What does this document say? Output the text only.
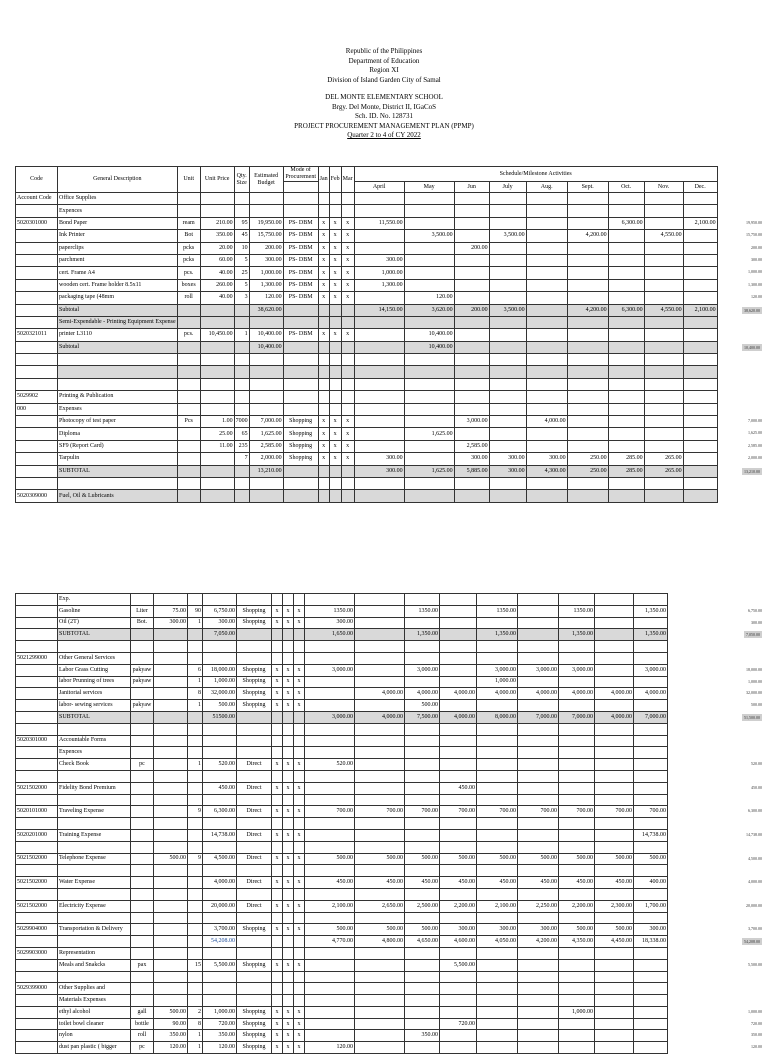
Republic of the Philippines
Department of Education
Region XI
Division of Island Garden City of Samal
DEL MONTE ELEMENTARY SCHOOL
Brgy. Del Monte, District II, IGaCoS
Sch. ID. No. 128731
PROJECT PROCUREMENT MANAGEMENT PLAN (PPMP)
Quarter 2 to 4 of CY 2022
Code	General Description	Unit	Unit Price	Qty. Size	Estimated Budget	Mode of Procurement	Jan	Feb	Mar	Schedule/Milestone Activities								
										April	May	Jun	July	Aug.	Sept.	Oct.	Nov.	Dec.
Account Code	Office Supplies																	
	Expences																	
5020301000	Bond Paper	ream	210.00	95	19,950.00	PS- DBM	x	x	x	11,550.00						6,300.00		2,100.00
	Ink Printer	Bot	350.00	45	15,750.00	PS- DBM	x	x	x		3,500.00		3,500.00		4,200.00		4,550.00	
	paperclips	pcks	20.00	10	200.00	PS- DBM	x	x	x			200.00						
	parchment	pcks	60.00	5	300.00	PS- DBM	x	x	x	300.00								
	cert. Frame A4	pcs.	40.00	25	1,000.00	PS- DBM	x	x	x	1,000.00								
	wooden cert. Frame holder 8.5x11	boxes	260.00	5	1,300.00	PS- DBM	x	x	x	1,300.00								
	packaging tape (48mm	roll	40.00	3	120.00	PS- DBM	x	x	x		120.00							
	Subtotal				38,620.00					14,150.00	3,620.00	200.00	3,500.00		4,200.00	6,300.00	4,550.00	2,100.00
	Semi-Expendable - Printing Equipment Expense																	
5020321011	printer L3110	pcs.	10,450.00	1	10,400.00	PS- DBM	x	x	x		10,400.00							
	Subtotal				10,400.00						10,400.00							

5029902	Printing & Publication																	
000	Expenses																	
	Photocopy of test paper	Pcs	1.00	7000	7,000.00	Shopping	x	x	x			3,000.00		4,000.00				
	Diploma		25.00	65	1,625.00	Shopping	x	x	x		1,625.00							
	SF9 (Report Card)		11.00	235	2,585.00	Shopping	x	x	x			2,585.00						
	Tarpulin			7	2,000.00	Shopping	x	x	x	300.00		300.00	300.00	300.00	250.00	285.00	265.00	
	SUBTOTAL				13,210.00					300.00	1,625.00	5,885.00	300.00	4,300.00	250.00	285.00	265.00	

5020309000	Fuel, Oil & Lubricants																	
	Exp.																	
	Gasoline	Liter	75.00	90	6,750.00	Shopping	x	x	x	1350.00		1350.00		1350.00		1350.00		1,350.00
	Oil (2T)	Bot.	300.00	1	300.00	Shopping	x	x	x	300.00								
	SUBTOTAL				7,050.00					1,650.00		1,350.00		1,350.00		1,350.00		1,350.00

5021299000	Other General Services																	
	Labor Grass Cutting	pakyaw		6	18,000.00	Shopping	x	x	x	3,000.00		3,000.00		3,000.00	3,000.00	3,000.00		3,000.00
	labor Prunning of trees	pakyaw		1	1,000.00	Shopping	x	x	x					1,000.00				
	Janitorial services			8	32,000.00	Shopping	x	x	x		4,000.00	4,000.00	4,000.00	4,000.00	4,000.00	4,000.00	4,000.00	4,000.00
	labor- sewing services	pakyaw		1	500.00	Shopping	x	x	x			500.00						
	SUBTOTAL				51500.00					3,000.00	4,000.00	7,500.00	4,000.00	8,000.00	7,000.00	7,000.00	4,000.00	7,000.00

5020301000	Accountable Forms																	
	Expences																	
	Check Book	pc		1	520.00	Direct	x	x	x	520.00								

5021502000	Fidelity Bond Premium				450.00	Direct	x	x	x				450.00					

5020101000	Traveling Expense			9	6,300.00	Direct	x	x	x	700.00	700.00	700.00	700.00	700.00	700.00	700.00	700.00	700.00

5020201000	Training Expense				14,738.00	Direct	x	x	x									14,738.00

5021502000	Telephone Expense		500.00	9	4,500.00	Direct	x	x	x	500.00	500.00	500.00	500.00	500.00	500.00	500.00	500.00	500.00

5021502000	Water Expense				4,000.00	Direct	x	x	x	450.00	450.00	450.00	450.00	450.00	450.00	450.00	450.00	400.00

5021502000	Electricity Expense				20,000.00	Direct	x	x	x	2,100.00	2,650.00	2,500.00	2,200.00	2,100.00	2,250.00	2,200.00	2,300.00	1,700.00

5029904000	Transportation & Delivery				3,700.00	Shopping	x	x	x	500.00	500.00	500.00	300.00	300.00	300.00	500.00	500.00	300.00
					54,208.00					4,770.00	4,800.00	4,650.00	4,600.00	4,050.00	4,200.00	4,350.00	4,450.00	18,338.00
5029903000	Representation																	
	Meals and Snakcks	pax		15	5,500.00	Shopping	x	x	x				5,500.00					

5029399000	Other Supplies and																	
	Materials Expenses																	
	ethyl alcohol	gall	500.00	2	1,000.00	Shopping	x	x	x							1,000.00		
	toilet bowl cleaner	bottle	90.00	8	720.00	Shopping	x	x	x				720.00					
	nylon	roll	350.00	1	350.00	Shopping	x	x	x			350.00						
	dust pan plastic ( bigger	pc	120.00	1	120.00	Shopping	x	x	x	120.00								
19,950.00
15,750.00
200.00
300.00
1,000.00
1,300.00
120.00
38,620.00
10,400.00
7,000.00
1,625.00
2,585.00
2,000.00
13,210.00
6,750.00
300.00
7,050.00
18,000.00
1,000.00
32,000.00
500.00
51,500.00
520.00
450.00
6,300.00
14,738.00
4,500.00
4,000.00
20,000.00
3,700.00
54,208.00
5,500.00
1,000.00
720.00
350.00
120.00
